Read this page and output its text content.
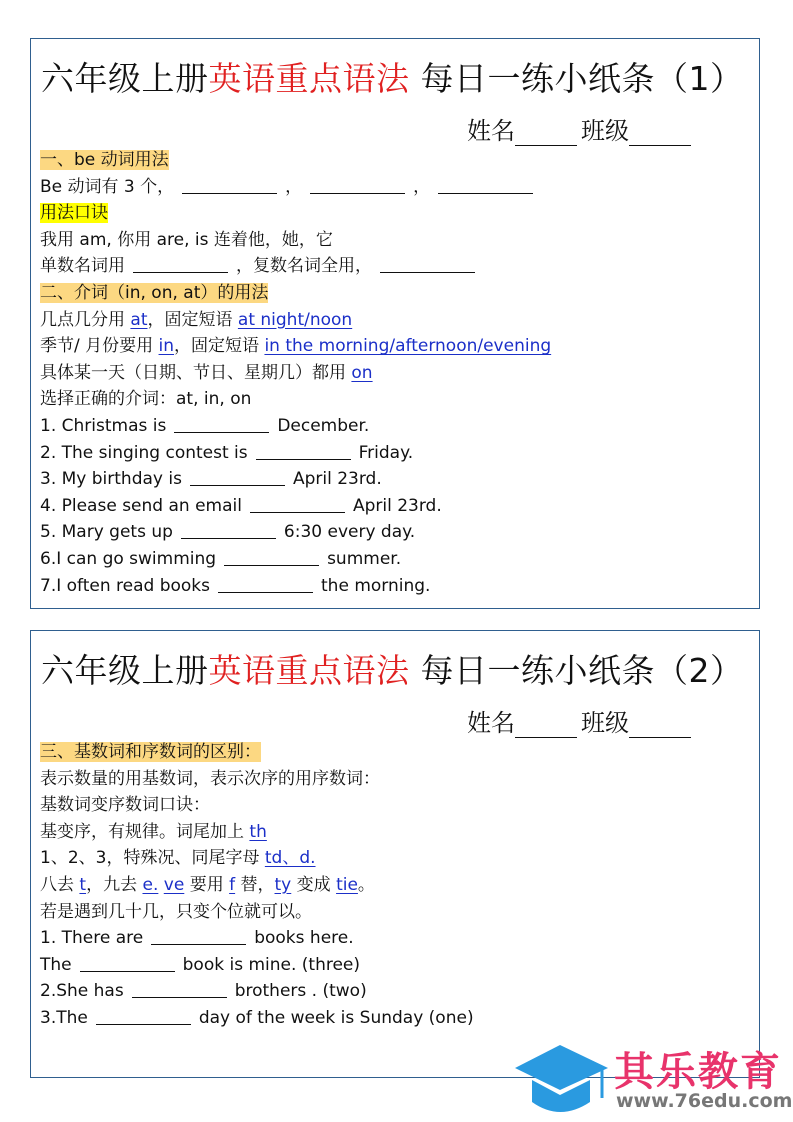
六年级上册英语重点语法 每日一练小纸条（1）
姓名	班级
一、be 动词用法
Be 动词有 3 个，	，	，
用法口诀
我用 am, 你用 are, is 连着他，她，它
单数名词用	，复数名词全用，
二、介词（in, on, at）的用法
几点几分用 at，固定短语 at night/noon
季节/ 月份要用 in，固定短语 in the morning/afternoon/evening
具体某一天（日期、节日、星期几）都用 on
选择正确的介词：at, in, on
1. Christmas is	December.
2. The singing contest is	Friday.
3. My birthday is	April 23rd.
4. Please send an email	April 23rd.
5. Mary gets up	6:30 every day.
6.I can go swimming	summer.
7.I often read books	the morning.
六年级上册英语重点语法 每日一练小纸条（2）
姓名	班级
三、基数词和序数词的区别：
表示数量的用基数词，表示次序的用序数词：
基数词变序数词口诀：
基变序，有规律。词尾加上 th
1、2、3，特殊况、同尾字母 td、d.
八去 t，九去 e. ve 要用 f 替，ty 变成 tie。
若是遇到几十几，只变个位就可以。
1. There are	books here.
The	book is mine. (three)
2.She has	brothers . (two)
3.The	day of the week is Sunday (one)
其乐教育
www.76edu.com
